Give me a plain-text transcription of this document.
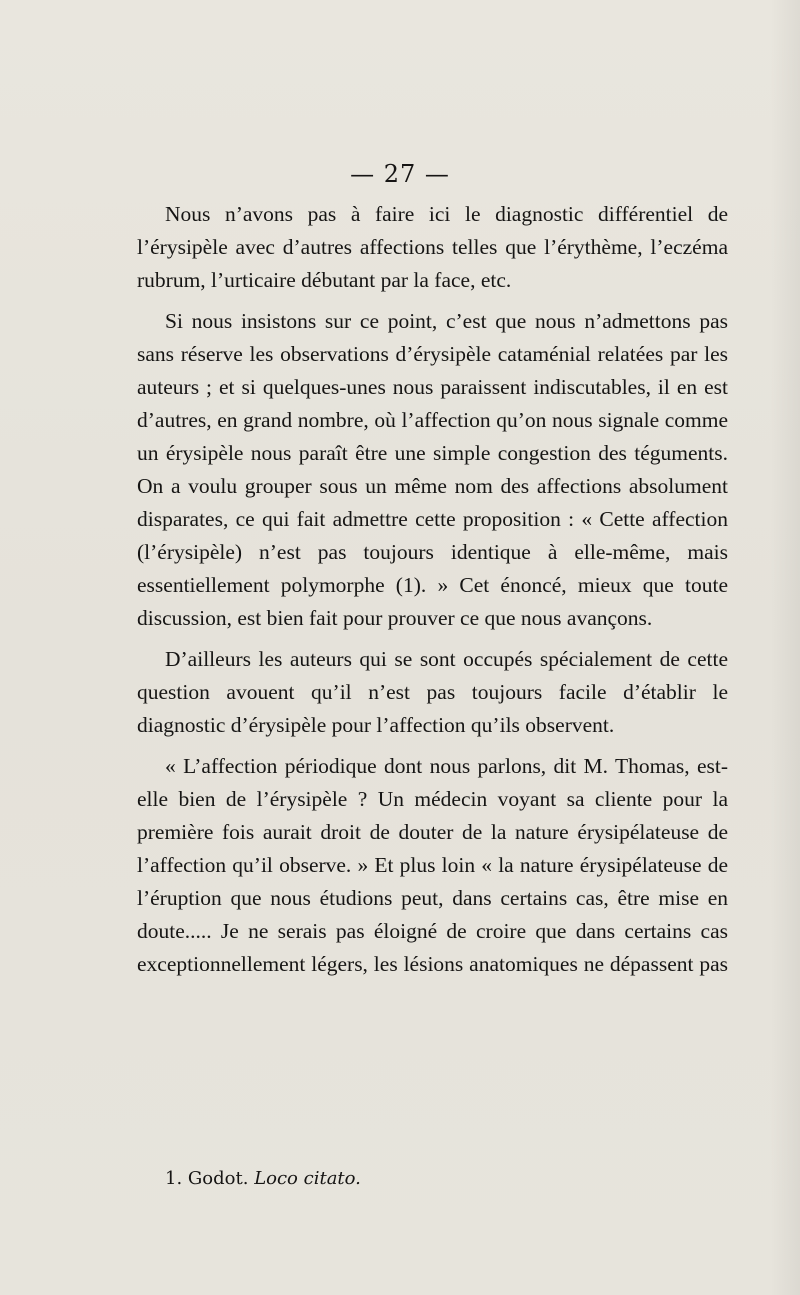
— 27 —

Nous n’avons pas à faire ici le diagnostic différentiel de l’érysipèle avec d’autres affections telles que l’érythème, l’eczéma rubrum, l’urticaire débutant par la face, etc.

Si nous insistons sur ce point, c’est que nous n’admettons pas sans réserve les observations d’érysipèle cataménial relatées par les auteurs ; et si quelques-unes nous paraissent indiscutables, il en est d’autres, en grand nombre, où l’affection qu’on nous signale comme un érysipèle nous paraît être une simple congestion des téguments. On a voulu grouper sous un même nom des affections absolument disparates, ce qui fait admettre cette proposition : « Cette affection (l’érysipèle) n’est pas toujours identique à elle-même, mais essentiellement polymorphe (1). » Cet énoncé, mieux que toute discussion, est bien fait pour prouver ce que nous avançons.

D’ailleurs les auteurs qui se sont occupés spécialement de cette question avouent qu’il n’est pas toujours facile d’établir le diagnostic d’érysipèle pour l’affection qu’ils observent.

« L’affection périodique dont nous parlons, dit M. Thomas, est-elle bien de l’érysipèle ? Un médecin voyant sa cliente pour la première fois aurait droit de douter de la nature érysipélateuse de l’affection qu’il observe. » Et plus loin « la nature érysipélateuse de l’éruption que nous étudions peut, dans certains cas, être mise en doute..... Je ne serais pas éloigné de croire que dans certains cas exceptionnellement légers, les lésions anatomiques ne dépassent pas

1. Godot. Loco citato.
